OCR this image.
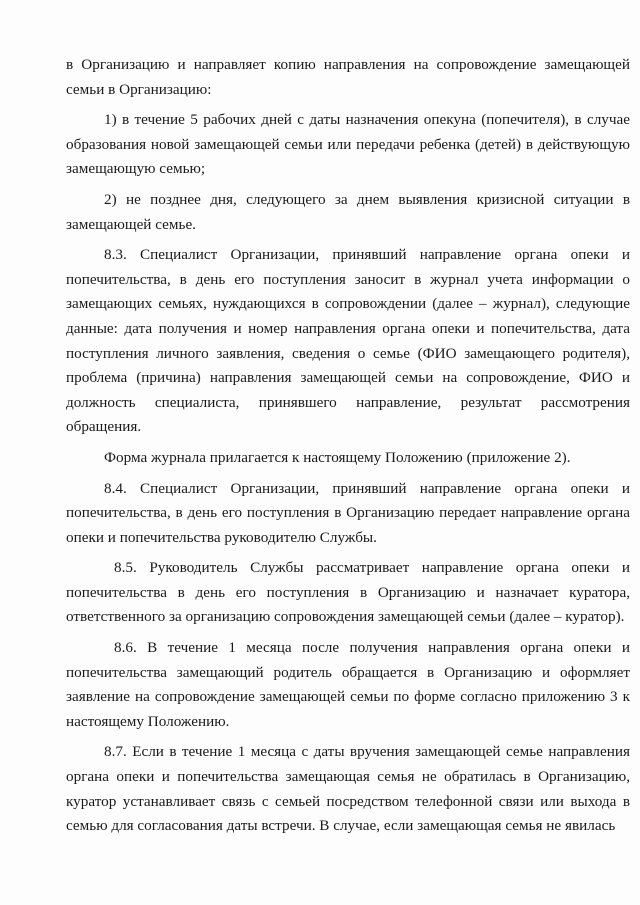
в Организацию и направляет копию направления на сопровождение замещающей семьи в Организацию:

1) в течение 5 рабочих дней с даты назначения опекуна (попечителя), в случае образования новой замещающей семьи или передачи ребенка (детей) в действующую замещающую семью;

2) не позднее дня, следующего за днем выявления кризисной ситуации в замещающей семье.

8.3. Специалист Организации, принявший направление органа опеки и попечительства, в день его поступления заносит в журнал учета информации о замещающих семьях, нуждающихся в сопровождении (далее – журнал), следующие данные: дата получения и номер направления органа опеки и попечительства, дата поступления личного заявления, сведения о семье (ФИО замещающего родителя), проблема (причина) направления замещающей семьи на сопровождение, ФИО и должность специалиста, принявшего направление, результат рассмотрения обращения.

Форма журнала прилагается к настоящему Положению (приложение 2).

8.4. Специалист Организации, принявший направление органа опеки и попечительства, в день его поступления в Организацию передает направление органа опеки и попечительства руководителю Службы.

8.5. Руководитель Службы рассматривает направление органа опеки и попечительства в день его поступления в Организацию и назначает куратора, ответственного за организацию сопровождения замещающей семьи (далее – куратор).

8.6. В течение 1 месяца после получения направления органа опеки и попечительства замещающий родитель обращается в Организацию и оформляет заявление на сопровождение замещающей семьи по форме согласно приложению 3 к настоящему Положению.

8.7. Если в течение 1 месяца с даты вручения замещающей семье направления органа опеки и попечительства замещающая семья не обратилась в Организацию, куратор устанавливает связь с семьей посредством телефонной связи или выхода в семью для согласования даты встречи. В случае, если замещающая семья не явилась
